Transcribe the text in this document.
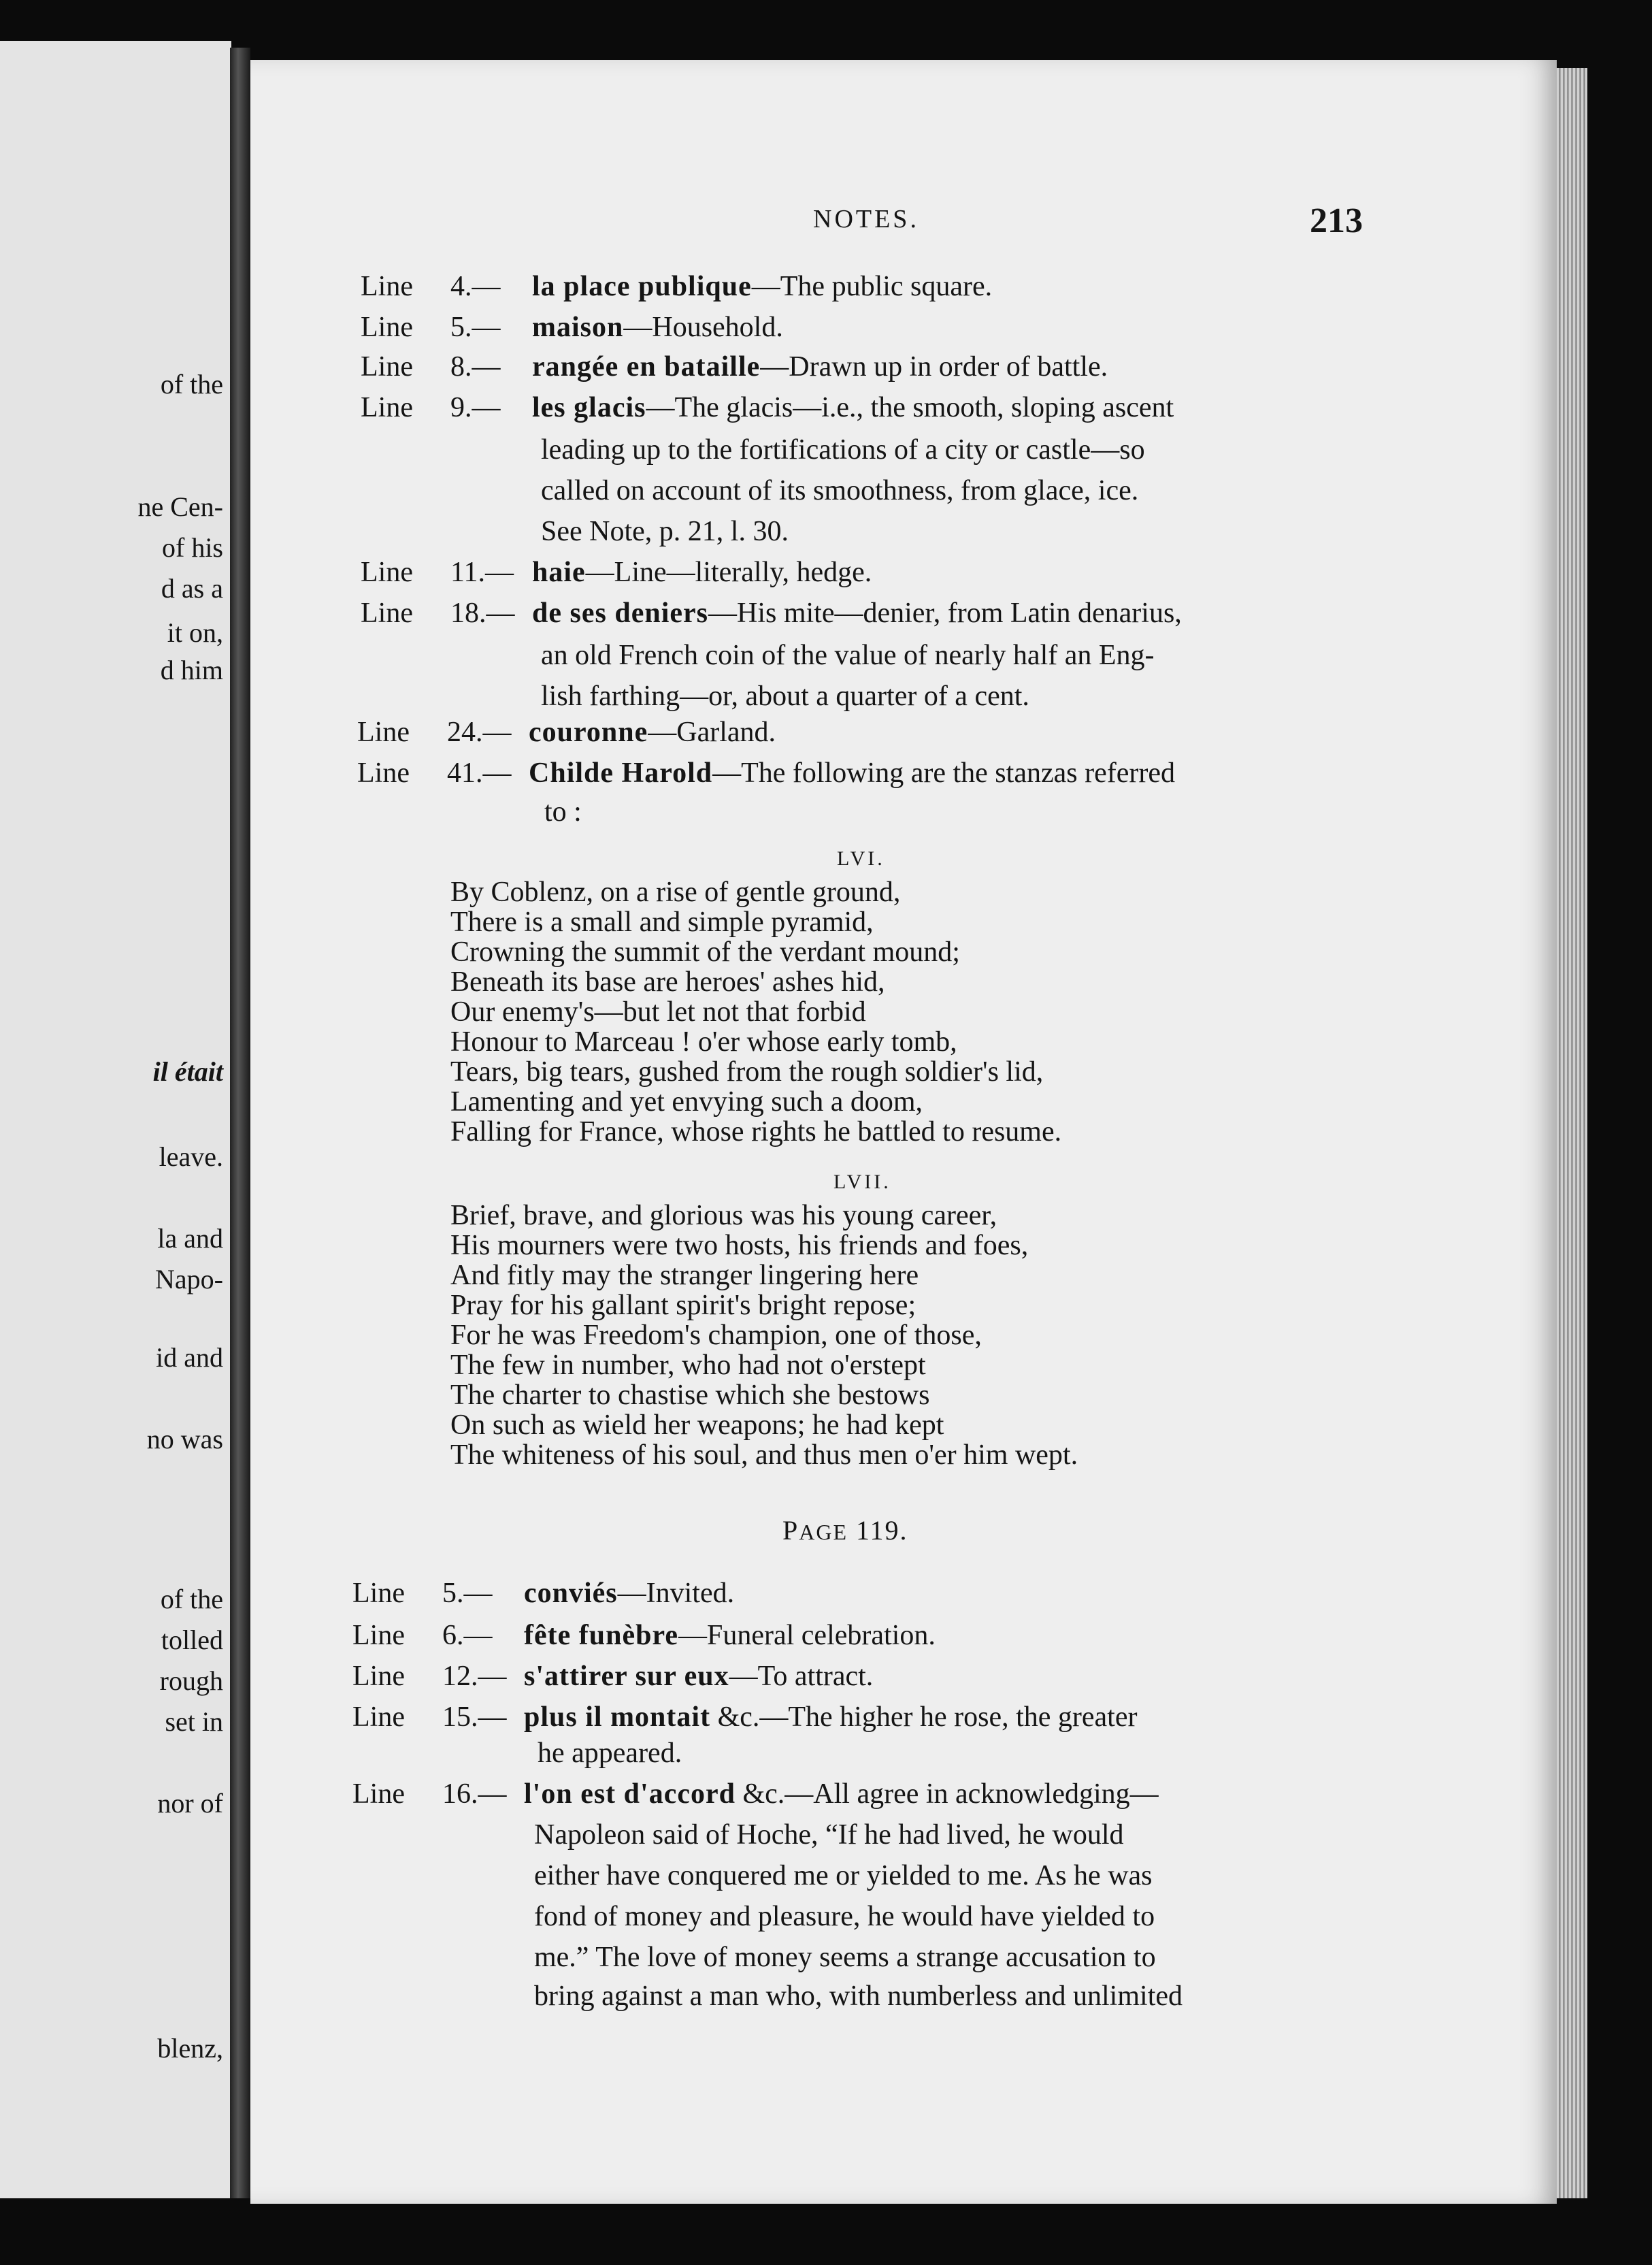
of the
ne Cen-
of his
d as a
it on,
d him
il était
leave.
la and
Napo-
id and
no was
of the
tolled
rough
set in
nor of
blenz,
NOTES.	213
Line 4.— la place publique—The public square.
Line 5.— maison—Household.
Line 8.— rangée en bataille—Drawn up in order of battle.
Line 9.— les glacis—The glacis—i.e., the smooth, sloping ascent
leading up to the fortifications of a city or castle—so
called on account of its smoothness, from glace, ice.
See Note, p. 21, l. 30.
Line 11.— haie—Line—literally, hedge.
Line 18.— de ses deniers—His mite—denier, from Latin denarius,
an old French coin of the value of nearly half an Eng-
lish farthing—or, about a quarter of a cent.
Line 24.— couronne—Garland.
Line 41.— Childe Harold—The following are the stanzas referred
to :
LVI.
By Coblenz, on a rise of gentle ground,
There is a small and simple pyramid,
Crowning the summit of the verdant mound;
Beneath its base are heroes' ashes hid,
Our enemy's—but let not that forbid
Honour to Marceau ! o'er whose early tomb,
Tears, big tears, gushed from the rough soldier's lid,
Lamenting and yet envying such a doom,
Falling for France, whose rights he battled to resume.
LVII.
Brief, brave, and glorious was his young career,
His mourners were two hosts, his friends and foes,
And fitly may the stranger lingering here
Pray for his gallant spirit's bright repose;
For he was Freedom's champion, one of those,
The few in number, who had not o'erstept
The charter to chastise which she bestows
On such as wield her weapons; he had kept
The whiteness of his soul, and thus men o'er him wept.
PAGE 119.
Line 5.— conviés—Invited.
Line 6.— fête funèbre—Funeral celebration.
Line 12.— s'attirer sur eux—To attract.
Line 15.— plus il montait &c.—The higher he rose, the greater
he appeared.
Line 16.— l'on est d'accord &c.—All agree in acknowledging—
Napoleon said of Hoche, “If he had lived, he would
either have conquered me or yielded to me. As he was
fond of money and pleasure, he would have yielded to
me.” The love of money seems a strange accusation to
bring against a man who, with numberless and unlimited
